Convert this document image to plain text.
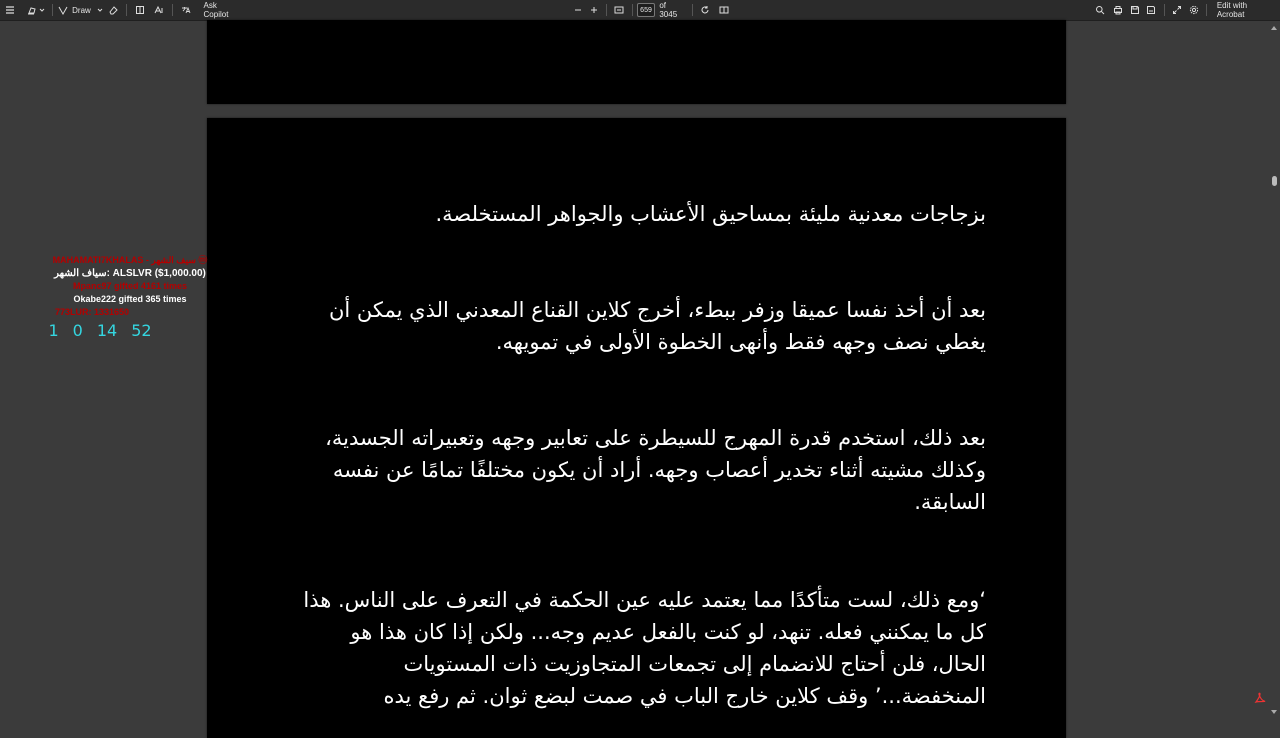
Draw	Ask Copilot	659 of 3045
Edit with Acrobat
بزجاجات معدنية مليئة بمساحيق الأعشاب والجواهر المستخلصة.
بعد أن أخذ نفسا عميقا وزفر ببطء، أخرج كلاين القناع المعدني الذي يمكن أن يغطي نصف وجهه فقط وأنهى الخطوة الأولى في تمويهه.
بعد ذلك، استخدم قدرة المهرج للسيطرة على تعابير وجهه وتعبيراته الجسدية، وكذلك مشيته أثناء تخدير أعصاب وجهه. أراد أن يكون مختلفًا تمامًا عن نفسه السابقة.
‘ومع ذلك، لست متأكدًا مما يعتمد عليه عين الحكمة في التعرف على الناس. هذا كل ما يمكنني فعله. تنهد، لو كنت بالفعل عديم وجه... ولكن إذا كان هذا هو الحال، فلن أحتاج للانضمام إلى تجمعات المتجاوزيت ذات المستويات المنخفضة...’ وقف كلاين خارج الباب في صمت لبضع ثوان. ثم رفع يده
MAHAMATI7KHALAS - سيف الشهر ⓜ
سياف الشهر: ALSLVR ($1,000.00)
Mpanc97 gifted 4161 times
Okabe222 gifted 365 times
773LUR: 1331650
1 0 14 52
